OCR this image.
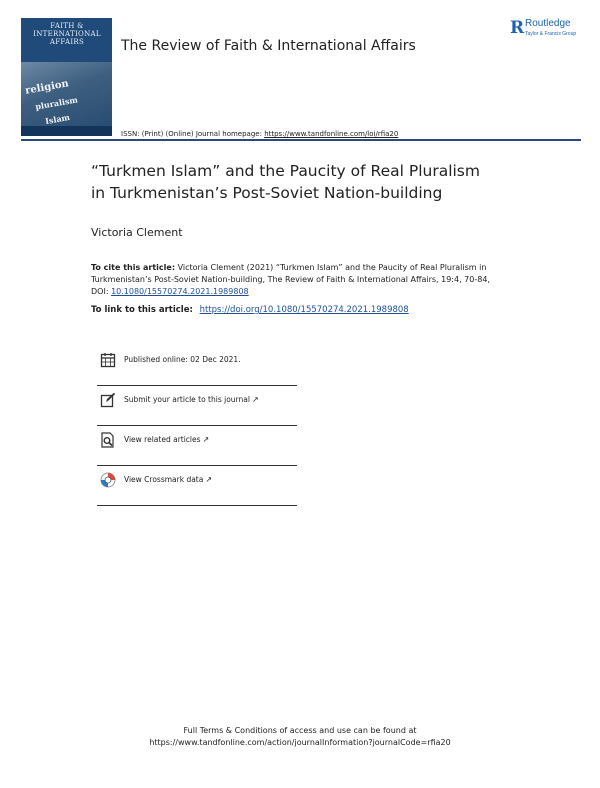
FAITH & INTERNATIONAL AFFAIRS
religion
pluralism
Islam
The Review of Faith & International Affairs
R Routledge
Taylor & Francis Group
ISSN: (Print) (Online) Journal homepage: https://www.tandfonline.com/loi/rfia20
“Turkmen Islam” and the Paucity of Real Pluralism
in Turkmenistan’s Post-Soviet Nation-building
Victoria Clement
To cite this article: Victoria Clement (2021) “Turkmen Islam” and the Paucity of Real Pluralism in Turkmenistan’s Post-Soviet Nation-building, The Review of Faith & International Affairs, 19:4, 70-84, DOI: 10.1080/15570274.2021.1989808
To link to this article: https://doi.org/10.1080/15570274.2021.1989808
Published online: 02 Dec 2021.
Submit your article to this journal ↗
View related articles ↗
View Crossmark data ↗
Full Terms & Conditions of access and use can be found at
https://www.tandfonline.com/action/journalInformation?journalCode=rfia20
